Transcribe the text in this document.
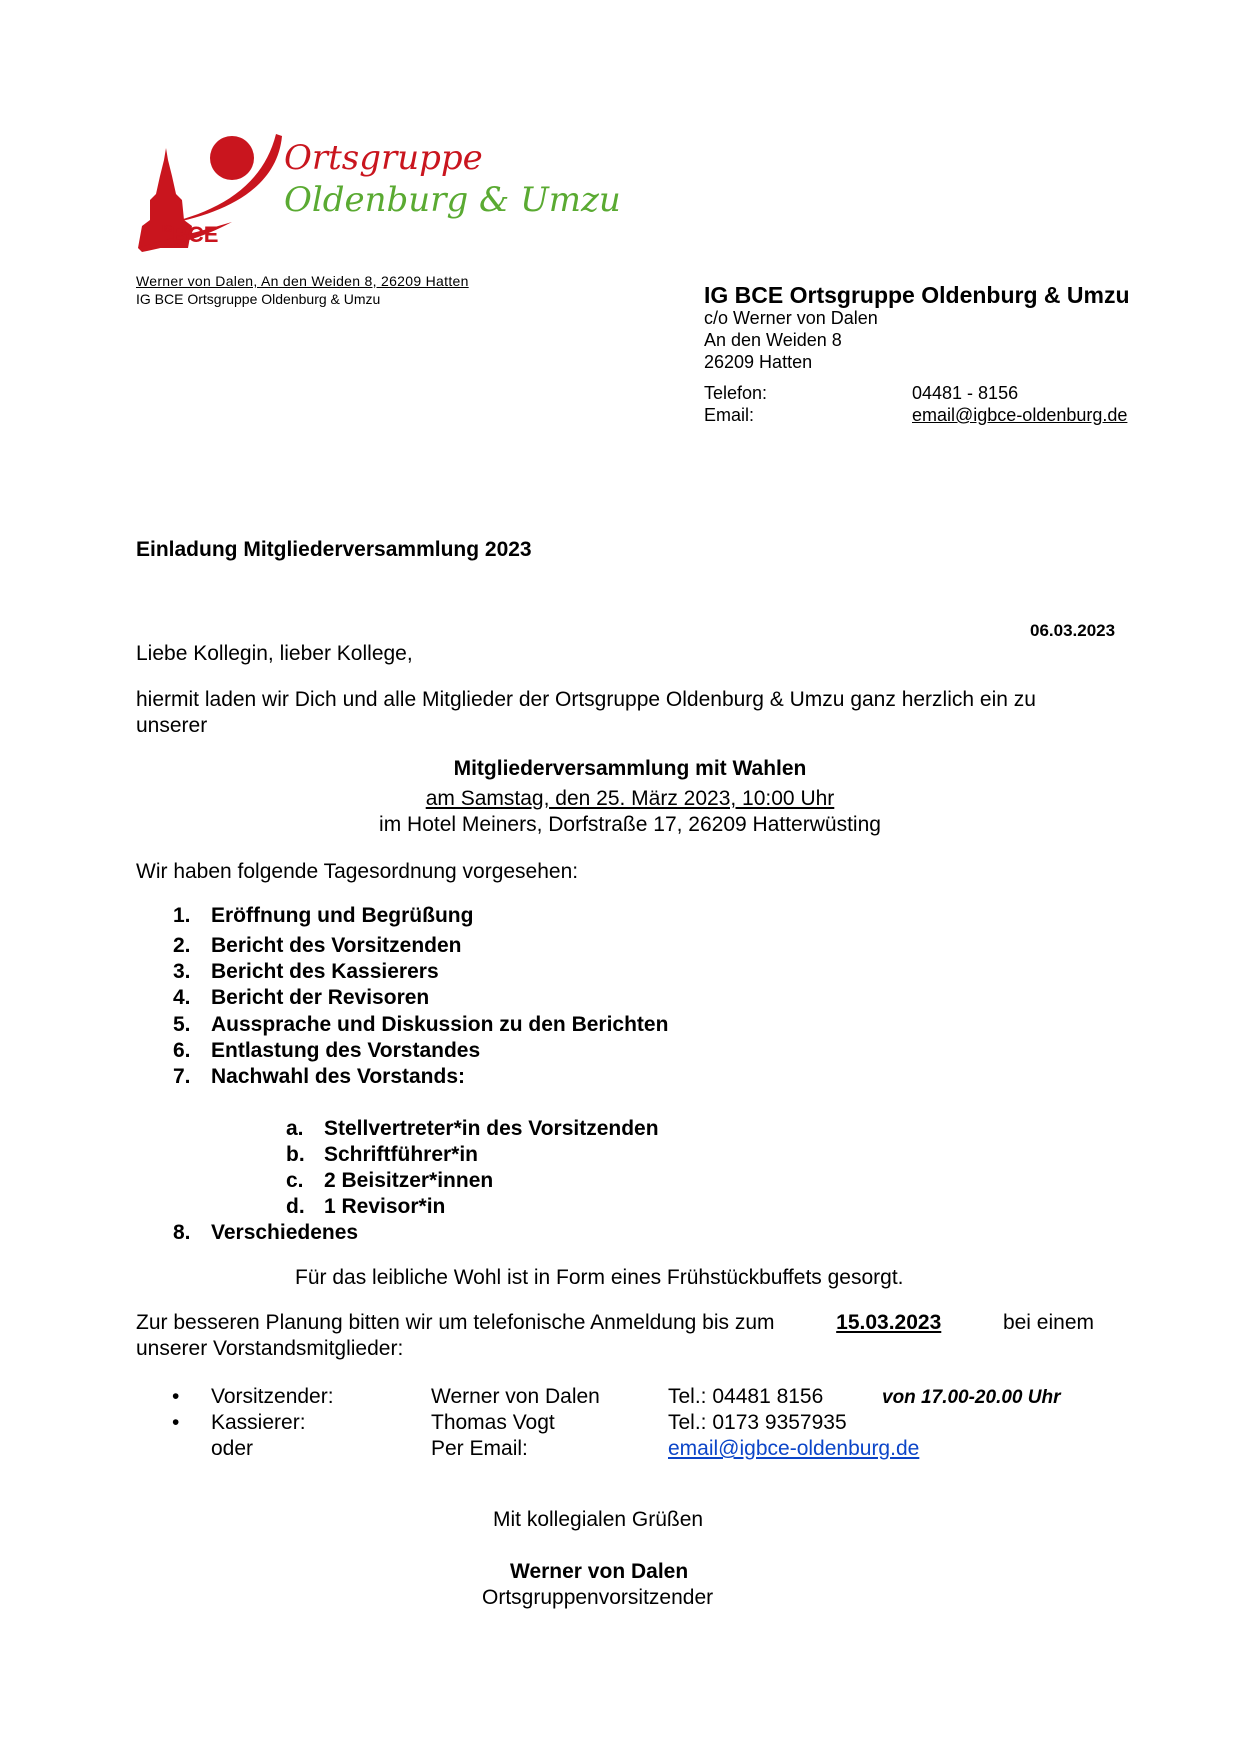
Ortsgruppe
Oldenburg & Umzu
BCE
IG
Werner von Dalen, An den Weiden 8, 26209 Hatten
IG BCE Ortsgruppe Oldenburg & Umzu	IG BCE Ortsgruppe Oldenburg & Umzu
c/o Werner von Dalen
An den Weiden 8
26209 Hatten
Telefon:	04481 - 8156
Email:	email@igbce-oldenburg.de
Einladung Mitgliederversammlung 2023
06.03.2023
Liebe Kollegin, lieber Kollege,
hiermit laden wir Dich und alle Mitglieder der Ortsgruppe Oldenburg & Umzu ganz herzlich ein zu
unserer
Mitgliederversammlung mit Wahlen
am Samstag, den 25. März 2023, 10:00 Uhr
im Hotel Meiners, Dorfstraße 17, 26209 Hatterwüsting
Wir haben folgende Tagesordnung vorgesehen:
1. Eröffnung und Begrüßung
2. Bericht des Vorsitzenden
3. Bericht des Kassierers
4. Bericht der Revisoren
5. Aussprache und Diskussion zu den Berichten
6. Entlastung des Vorstandes
7. Nachwahl des Vorstands:
a. Stellvertreter*in des Vorsitzenden
b. Schriftführer*in
c. 2 Beisitzer*innen
d. 1 Revisor*in
8. Verschiedenes
Für das leibliche Wohl ist in Form eines Frühstückbuffets gesorgt.
Zur besseren Planung bitten wir um telefonische Anmeldung bis zum	15.03.2023	bei einem
unserer Vorstandsmitglieder:
• Vorsitzender:	Werner von Dalen	Tel.: 04481 8156	von 17.00-20.00 Uhr
• Kassierer:	Thomas Vogt	Tel.: 0173 9357935
oder	Per Email:	email@igbce-oldenburg.de
Mit kollegialen Grüßen
Werner von Dalen
Ortsgruppenvorsitzender
